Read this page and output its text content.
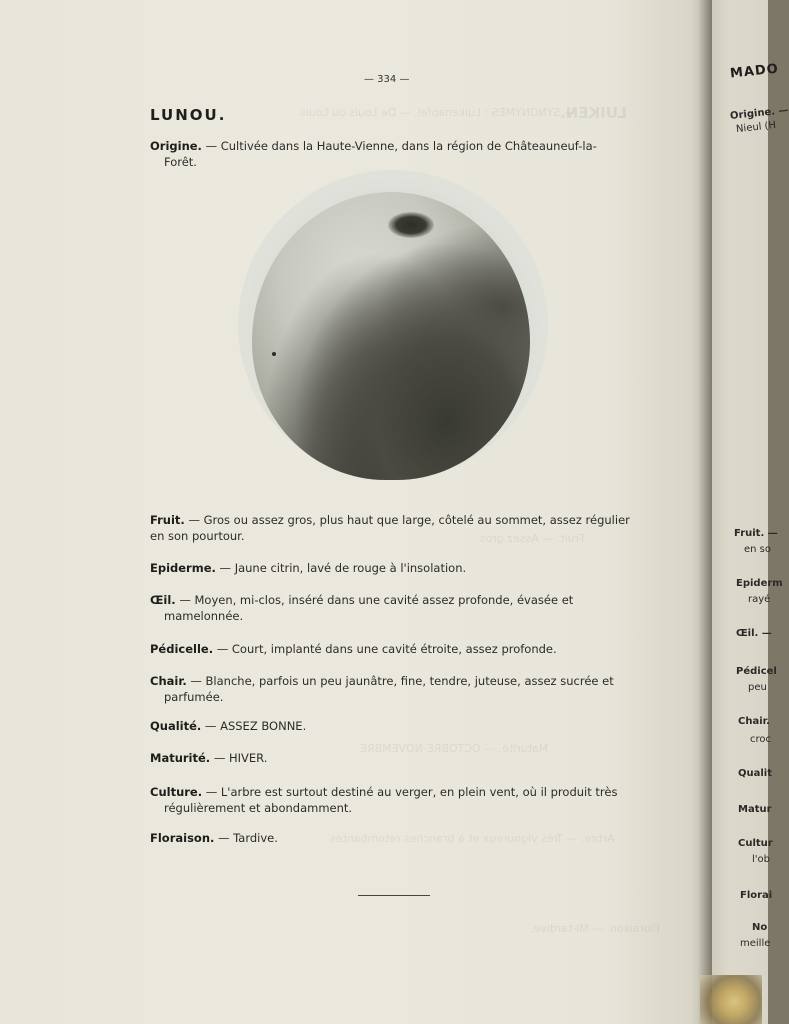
LUIKEN.
— SYNONYMES : Luikenapfel. — De Louis ou Louis
Fruit. — Assez gros
Maturité. — OCTOBRE-NOVEMBRE
Arbre. — Très vigoureux et à branches retombantes
Floraison. — Mi-tardive.
— 334 —
LUNOU.
Origine. — Cultivée dans la Haute-Vienne, dans la région de Châteauneuf-la-
Forêt.
Fruit. — Gros ou assez gros, plus haut que large, côtelé au sommet, assez régulier
en son pourtour.
Epiderme. — Jaune citrin, lavé de rouge à l'insolation.
Œil. — Moyen, mi-clos, inséré dans une cavité assez profonde, évasée et
mamelonnée.
Pédicelle. — Court, implanté dans une cavité étroite, assez profonde.
Chair. — Blanche, parfois un peu jaunâtre, fine, tendre, juteuse, assez sucrée et
parfumée.
Qualité. — ASSEZ BONNE.
Maturité. — HIVER.
Culture. — L'arbre est surtout destiné au verger, en plein vent, où il produit très
régulièrement et abondamment.
Floraison. — Tardive.
MADO
Origine. —
Nieul (H
Fruit. —
en so
Epiderm
rayé
Œil. —
Pédicel
peu
Chair.
croc
Qualit
Matur
Cultur
l'ob
Florai
No
meille
